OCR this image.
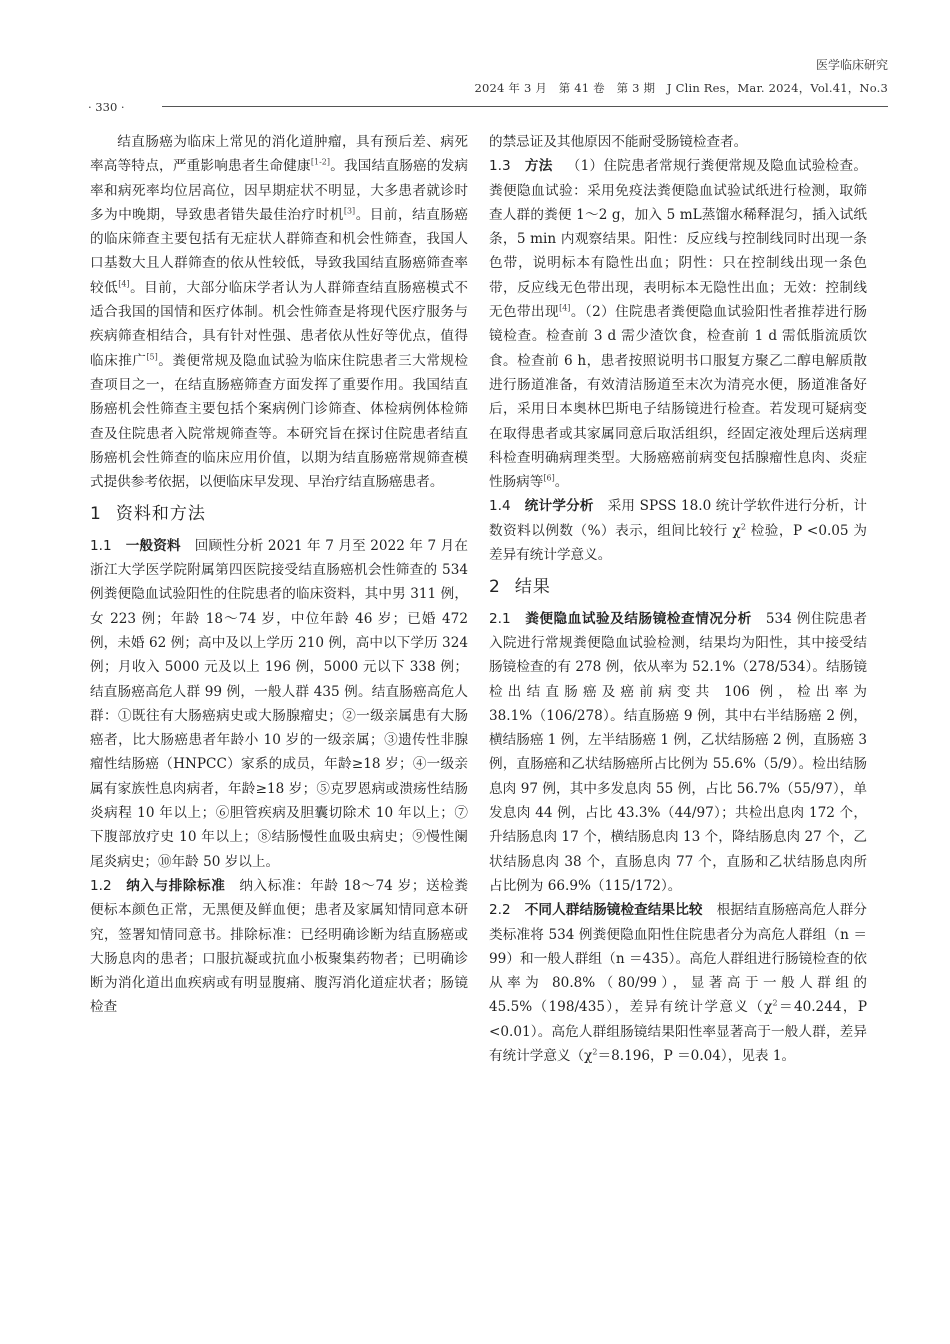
医学临床研究
2024 年 3 月　第 41 卷　第 3 期　J Clin Res，Mar. 2024，Vol.41，No.3
· 330 ·

结直肠癌为临床上常见的消化道肿瘤，具有预后差、病死率高等特点，严重影响患者生命健康[1-2]。我国结直肠癌的发病率和病死率均位居高位，因早期症状不明显，大多患者就诊时多为中晚期，导致患者错失最佳治疗时机[3]。目前，结直肠癌的临床筛查主要包括有无症状人群筛查和机会性筛查，我国人口基数大且人群筛查的依从性较低，导致我国结直肠癌筛查率较低[4]。目前，大部分临床学者认为人群筛查结直肠癌模式不适合我国的国情和医疗体制。机会性筛查是将现代医疗服务与疾病筛查相结合，具有针对性强、患者依从性好等优点，值得临床推广[5]。粪便常规及隐血试验为临床住院患者三大常规检查项目之一，在结直肠癌筛查方面发挥了重要作用。我国结直肠癌机会性筛查主要包括个案病例门诊筛查、体检病例体检筛查及住院患者入院常规筛查等。本研究旨在探讨住院患者结直肠癌机会性筛查的临床应用价值，以期为结直肠癌常规筛查模式提供参考依据，以便临床早发现、早治疗结直肠癌患者。

1 资料和方法

1.1 一般资料 回顾性分析 2021 年 7 月至 2022 年 7 月在浙江大学医学院附属第四医院接受结直肠癌机会性筛查的 534 例粪便隐血试验阳性的住院患者的临床资料，其中男 311 例，女 223 例；年龄 18～74 岁，中位年龄 46 岁；已婚 472 例，未婚 62 例；高中及以上学历 210 例，高中以下学历 324 例；月收入 5000 元及以上 196 例，5000 元以下 338 例；结直肠癌高危人群 99 例，一般人群 435 例。结直肠癌高危人群：①既往有大肠癌病史或大肠腺瘤史；②一级亲属患有大肠癌者，比大肠癌患者年龄小 10 岁的一级亲属；③遗传性非腺瘤性结肠癌（HNPCC）家系的成员，年龄≥18 岁；④一级亲属有家族性息肉病者，年龄≥18 岁；⑤克罗恩病或溃疡性结肠炎病程 10 年以上；⑥胆管疾病及胆囊切除术 10 年以上；⑦下腹部放疗史 10 年以上；⑧结肠慢性血吸虫病史；⑨慢性阑尾炎病史；⑩年龄 50 岁以上。

1.2 纳入与排除标准 纳入标准：年龄 18～74 岁；送检粪便标本颜色正常，无黑便及鲜血便；患者及家属知情同意本研究，签署知情同意书。排除标准：已经明确诊断为结直肠癌或大肠息肉的患者；口服抗凝或抗血小板聚集药物者；已明确诊断为消化道出血疾病或有明显腹痛、腹泻消化道症状者；肠镜检查

的禁忌证及其他原因不能耐受肠镜检查者。

1.3 方法 （1）住院患者常规行粪便常规及隐血试验检查。粪便隐血试验：采用免疫法粪便隐血试验试纸进行检测，取筛查人群的粪便 1～2 g，加入 5 mL蒸馏水稀释混匀，插入试纸条，5 min 内观察结果。阳性：反应线与控制线同时出现一条色带，说明标本有隐性出血；阴性：只在控制线出现一条色带，反应线无色带出现，表明标本无隐性出血；无效：控制线无色带出现[4]。（2）住院患者粪便隐血试验阳性者推荐进行肠镜检查。检查前 3 d 需少渣饮食，检查前 1 d 需低脂流质饮食。检查前 6 h，患者按照说明书口服复方聚乙二醇电解质散进行肠道准备，有效清洁肠道至末次为清亮水便，肠道准备好后，采用日本奥林巴斯电子结肠镜进行检查。若发现可疑病变在取得患者或其家属同意后取活组织，经固定液处理后送病理科检查明确病理类型。大肠癌癌前病变包括腺瘤性息肉、炎症性肠病等[6]。

1.4 统计学分析 采用 SPSS 18.0 统计学软件进行分析，计数资料以例数（%）表示，组间比较行 $\chi^2$ 检验，P <0.05 为差异有统计学意义。

2 结果

2.1 粪便隐血试验及结肠镜检查情况分析 534 例住院患者入院进行常规粪便隐血试验检测，结果均为阳性，其中接受结肠镜检查的有 278 例，依从率为 52.1%（278/534）。结肠镜检出结直肠癌及癌前病变共 106 例，检出率为 38.1%（106/278）。结直肠癌 9 例，其中右半结肠癌 2 例，横结肠癌 1 例，左半结肠癌 1 例，乙状结肠癌 2 例，直肠癌 3 例，直肠癌和乙状结肠癌所占比例为 55.6%（5/9）。检出结肠息肉 97 例，其中多发息肉 55 例，占比 56.7%（55/97），单发息肉 44 例，占比 43.3%（44/97）；共检出息肉 172 个，升结肠息肉 17 个，横结肠息肉 13 个，降结肠息肉 27 个，乙状结肠息肉 38 个，直肠息肉 77 个，直肠和乙状结肠息肉所占比例为 66.9%（115/172）。

2.2 不同人群结肠镜检查结果比较 根据结直肠癌高危人群分类标准将 534 例粪便隐血阳性住院患者分为高危人群组（n ＝99）和一般人群组（n ＝435）。高危人群组进行肠镜检查的依从率为 80.8%（80/99），显著高于一般人群组的 45.5%（198/435），差异有统计学意义（$\chi^2=40.244$，P <0.01）。高危人群组肠镜结果阳性率显著高于一般人群，差异有统计学意义（$\chi^2=8.196$，P ＝0.04），见表 1。
